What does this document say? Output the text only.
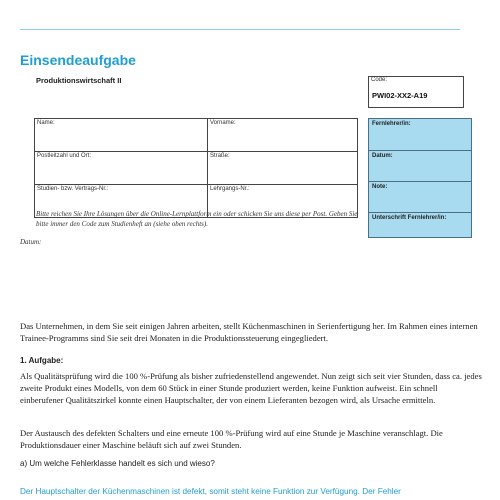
Einsendeaufgabe
Produktionswirtschaft II	Code:
PWI02-XX2-A19
Name:	Vorname:
Postleitzahl und Ort:	Straße:
Studien- bzw. Vertrags-Nr.:	Lehrgangs-Nr.:
Fernlehrer/in:
Datum:
Note:
Unterschrift Fernlehrer/in:
Bitte reichen Sie Ihre Lösungen über die Online-Lernplattform ein oder schicken Sie uns diese per Post. Geben Sie bitte immer den Code zum Studienheft an (siehe oben rechts).
Datum:

Das Unternehmen, in dem Sie seit einigen Jahren arbeiten, stellt Küchenmaschinen in Serienfertigung her. Im Rahmen eines internen Trainee-Programms sind Sie seit drei Monaten in die Produktionssteuerung eingegliedert.

1. Aufgabe:

Als Qualitätsprüfung wird die 100 %-Prüfung als bisher zufriedenstellend angewendet. Nun zeigt sich seit vier Stunden, dass ca. jedes zweite Produkt eines Modells, von dem 60 Stück in einer Stunde produziert werden, keine Funktion aufweist. Ein schnell einberufener Qualitätszirkel konnte einen Hauptschalter, der von einem Lieferanten bezogen wird, als Ursache ermitteln.

Der Austausch des defekten Schalters und eine erneute 100 %-Prüfung wird auf eine Stunde je Maschine veranschlagt. Die Produktionsdauer einer Maschine beläuft sich auf zwei Stunden.

a) Um welche Fehlerklasse handelt es sich und wieso?
Der Hauptschalter der Küchenmaschinen ist defekt, somit steht keine Funktion zur Verfügung. Der Fehler
